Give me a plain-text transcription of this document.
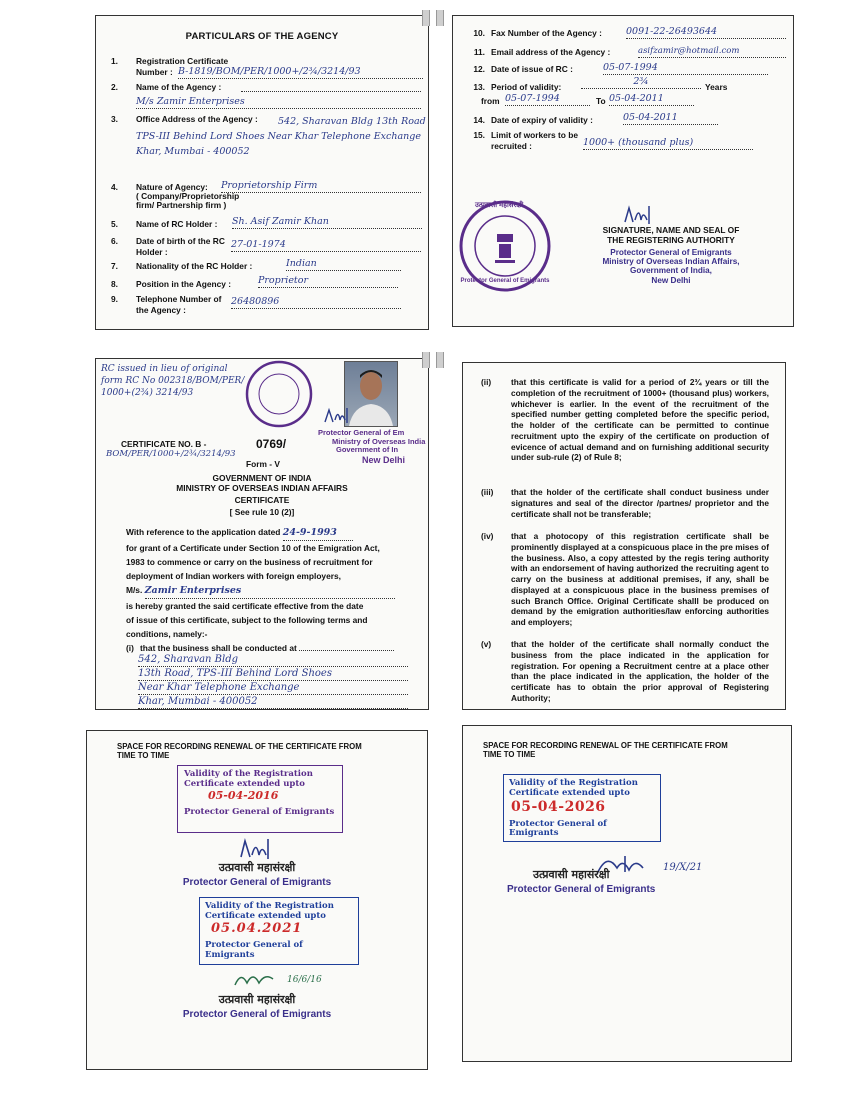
PARTICULARS OF THE AGENCY
1. Registration Certificate Number : B-1819/BOM/PER/1000+/2¾/3214/93
2. Name of the Agency :
M/s Zamir Enterprises
3. Office Address of the Agency :	542, Sharavan Bldg 13th Road TPS-III Behind Lord Shoes Near Khar Telephone Exchange Khar, Mumbai - 400052
4. Nature of Agency:
( Company/Proprietorship firm/ Partnership firm )
Proprietorship Firm
5. Name of RC Holder : Sh. Asif Zamir Khan
6. Date of birth of the RC Holder :
27-01-1974
7. Nationality of the RC Holder :	Indian
8. Position in the Agency :	Proprietor
9. Telephone Number of the Agency :
26480896
10. Fax Number of the Agency :	0091-22-26493644
11. Email address of the Agency :	asifzamir@hotmail.com
12. Date of issue of RC :	05-07-1994
13. Period of validity:	2¾	Years
from 05-07-1994	To 05-04-2011
14. Date of expiry of validity :	05-04-2011
15. Limit of workers to be recruited :	1000+ (thousand plus)
उत्प्रवासी महासंरक्षी
Protector General of Emigrants
SIGNATURE, NAME AND SEAL OF
THE REGISTERING AUTHORITY
Protector General of Emigrants
Ministry of Overseas Indian Affairs,
Government of India,
New Delhi
RC issued in lieu of original
form RC No 002318/BOM/PER/
1000+(2¾) 3214/93
Protector General of Em
Ministry of Overseas India
Government of In
New Delhi
CERTIFICATE NO. B -
BOM/PER/1000+/2¾/3214/93
0769/
Form - V
GOVERNMENT OF INDIA
MINISTRY OF OVERSEAS INDIAN AFFAIRS
CERTIFICATE
[ See rule 10 (2)]
With reference to the application dated 24-9-1993
for grant of a Certificate under Section 10 of the Emigration Act,
1983 to commence or carry on the business of recruitment for
deployment of Indian workers with foreign employers,
M/s. Zamir Enterprises
is hereby granted the said certificate effective from the date
of issue of this certificate, subject to the following terms and
conditions, namely:-
(i) that the business shall be conducted at
542, Sharavan Bldg
13th Road, TPS-III Behind Lord Shoes
Near Khar Telephone Exchange
Khar, Mumbai - 400052
(ii) that this certificate is valid for a period of 2¾ years or till the completion of the recruitment of 1000+ (thousand plus) workers, whichever is earlier. In the event of the recruitment of the specified number getting completed before the specific period, the holder of the certificate can be permitted to continue recruitment upto the expiry of the certificate on production of evicence of actual demand and on furnishing additional security under sub-rule (2) of Rule 8;
(iii) that the holder of the certificate shall conduct business under signatures and seal of the director /partnes/ proprietor and the certificate shall not be transferable;
(iv) that a photocopy of this registration certificate shall be prominently displayed at a conspicuous place in the pre mises of the business. Also, a copy attested by the regis tering authority with an endorsement of having authorized the recruiting agent to carry on the business at additional premises, if any, shall be displayed at a conspicuous place in the business premises of such Branch Office. Original Certificate shalll be produced on demand by the emigration authorities/law enforcing authorities and employers;
(v) that the holder of the certificate shall normally conduct the business from the place indicated in the application for registration. For opening a Recruitment centre at a place other than the place indicated in the application, the holder of the certificate has to obtain the prior approval of Registering Authority;
SPACE FOR RECORDING RENEWAL OF THE CERTIFICATE FROM
TIME TO TIME
Validity of the Registration
Certificate extended upto
05-04-2016
Protector General of Emigrants
उत्प्रवासी महासंरक्षी
Protector General of Emigrants
Validity of the Registration
Certificate extended upto
05.04.2021
Protector General of Emigrants
16/6/16
उत्प्रवासी महासंरक्षी
Protector General of Emigrants
SPACE FOR RECORDING RENEWAL OF THE CERTIFICATE FROM
TIME TO TIME
Validity of the Registration
Certificate extended upto
05-04-2026
Protector General of Emigrants
19/X/21
उत्प्रवासी महासंरक्षी
Protector General of Emigrants
